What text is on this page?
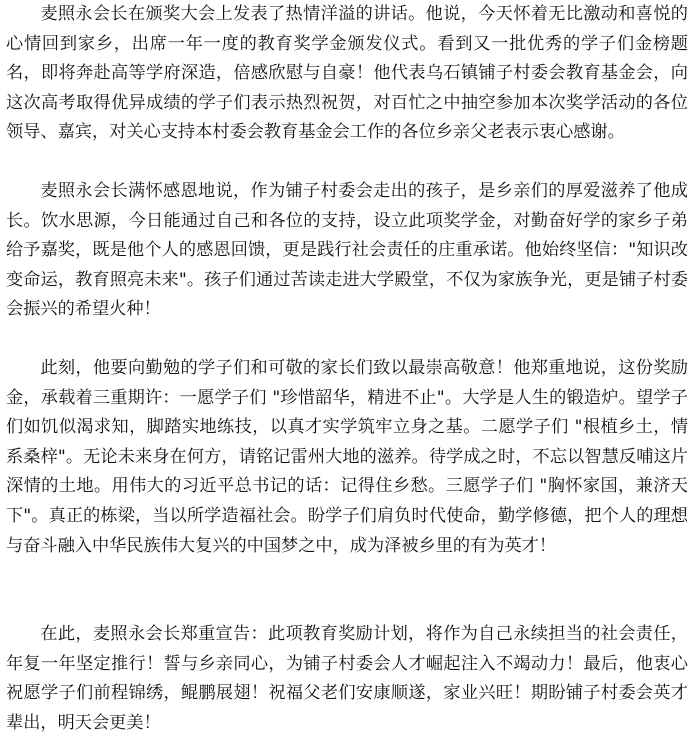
麦照永会长在颁奖大会上发表了热情洋溢的讲话。他说，今天怀着无比激动和喜悦的心情回到家乡，出席一年一度的教育奖学金颁发仪式。看到又一批优秀的学子们金榜题名，即将奔赴高等学府深造，倍感欣慰与自豪！他代表乌石镇铺子村委会教育基金会，向这次高考取得优异成绩的学子们表示热烈祝贺，对百忙之中抽空参加本次奖学活动的各位领导、嘉宾，对关心支持本村委会教育基金会工作的各位乡亲父老表示衷心感谢。

麦照永会长满怀感恩地说，作为铺子村委会走出的孩子，是乡亲们的厚爱滋养了他成长。饮水思源，今日能通过自己和各位的支持，设立此项奖学金，对勤奋好学的家乡子弟给予嘉奖，既是他个人的感恩回馈，更是践行社会责任的庄重承诺。他始终坚信："知识改变命运，教育照亮未来"。孩子们通过苦读走进大学殿堂，不仅为家族争光，更是铺子村委会振兴的希望火种！

此刻，他要向勤勉的学子们和可敬的家长们致以最崇高敬意！他郑重地说，这份奖励金，承载着三重期许：一愿学子们 "珍惜韶华，精进不止"。大学是人生的锻造炉。望学子们如饥似渴求知，脚踏实地练技，以真才实学筑牢立身之基。二愿学子们 "根植乡土，情系桑梓"。无论未来身在何方，请铭记雷州大地的滋养。待学成之时，不忘以智慧反哺这片深情的土地。用伟大的习近平总书记的话：记得住乡愁。三愿学子们 "胸怀家国，兼济天下"。真正的栋梁，当以所学造福社会。盼学子们肩负时代使命，勤学修德，把个人的理想与奋斗融入中华民族伟大复兴的中国梦之中，成为泽被乡里的有为英才！

在此，麦照永会长郑重宣告：此项教育奖励计划，将作为自己永续担当的社会责任，年复一年坚定推行！誓与乡亲同心，为铺子村委会人才崛起注入不竭动力！最后，他衷心祝愿学子们前程锦绣，鲲鹏展翅！祝福父老们安康顺遂，家业兴旺！期盼铺子村委会英才辈出，明天会更美！
